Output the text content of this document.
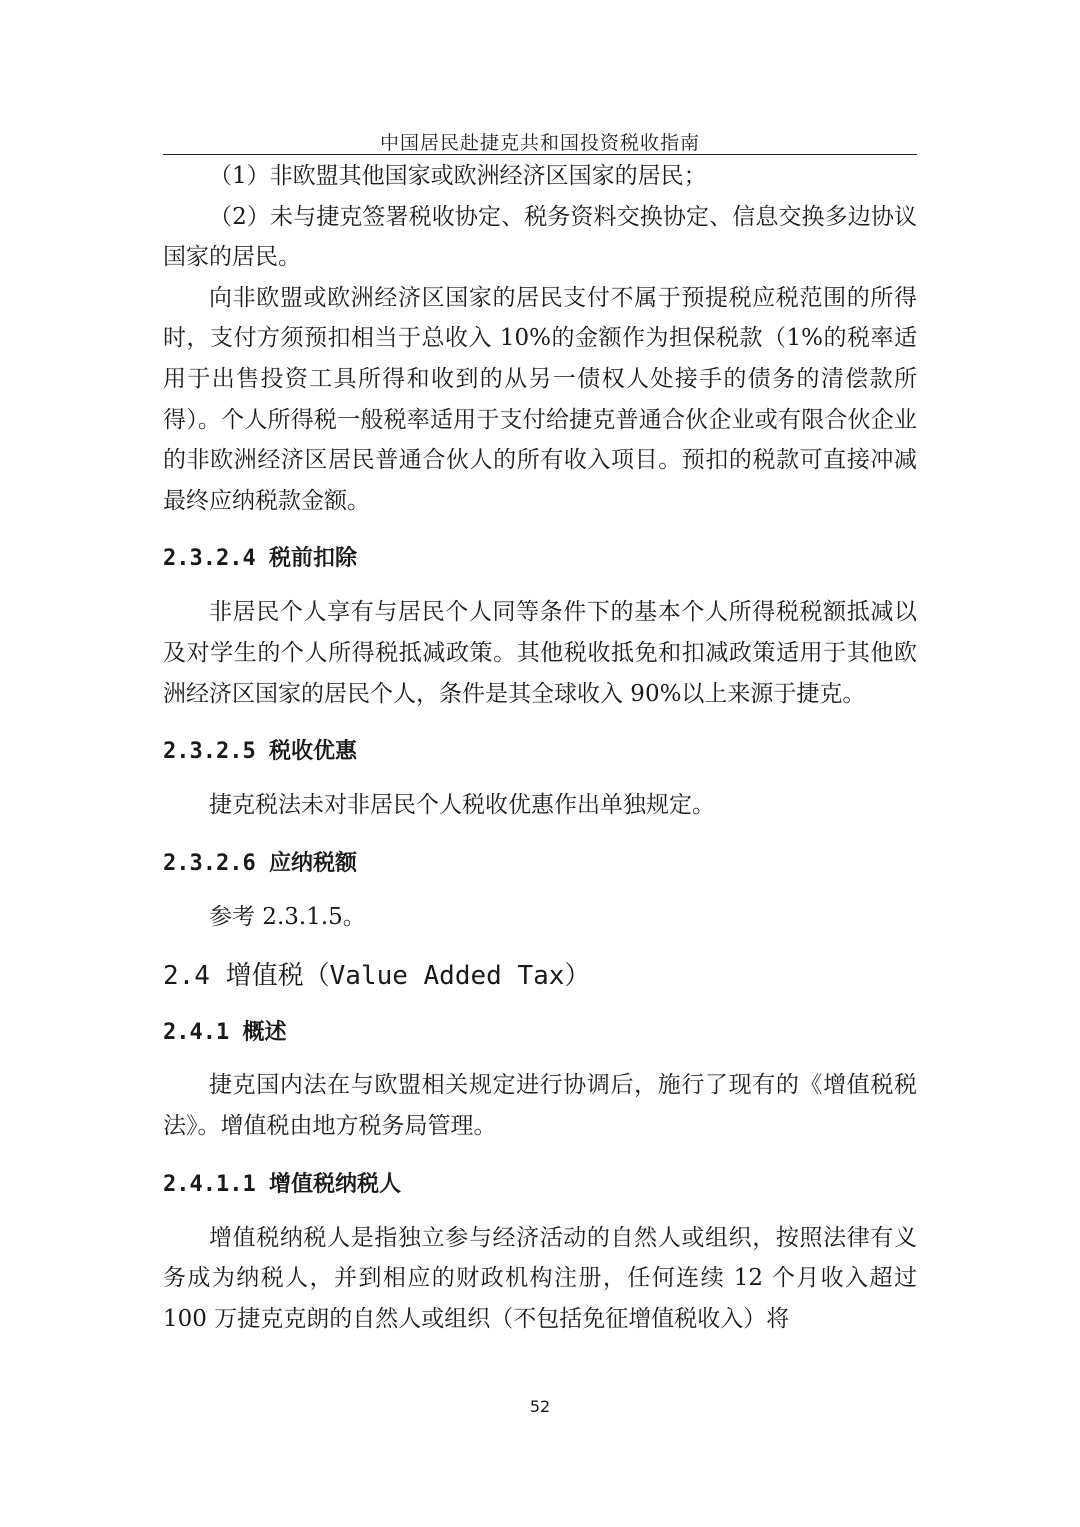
中国居民赴捷克共和国投资税收指南

（1）非欧盟其他国家或欧洲经济区国家的居民；

（2）未与捷克签署税收协定、税务资料交换协定、信息交换多边协议国家的居民。

向非欧盟或欧洲经济区国家的居民支付不属于预提税应税范围的所得时，支付方须预扣相当于总收入 10%的金额作为担保税款（1%的税率适用于出售投资工具所得和收到的从另一债权人处接手的债务的清偿款所得）。个人所得税一般税率适用于支付给捷克普通合伙企业或有限合伙企业的非欧洲经济区居民普通合伙人的所有收入项目。预扣的税款可直接冲减最终应纳税款金额。

2.3.2.4 税前扣除

非居民个人享有与居民个人同等条件下的基本个人所得税税额抵减以及对学生的个人所得税抵减政策。其他税收抵免和扣减政策适用于其他欧洲经济区国家的居民个人，条件是其全球收入 90%以上来源于捷克。

2.3.2.5 税收优惠

捷克税法未对非居民个人税收优惠作出单独规定。

2.3.2.6 应纳税额

参考 2.3.1.5。

2.4 增值税（Value Added Tax）
2.4.1 概述

捷克国内法在与欧盟相关规定进行协调后，施行了现有的《增值税税法》。增值税由地方税务局管理。

2.4.1.1 增值税纳税人

增值税纳税人是指独立参与经济活动的自然人或组织，按照法律有义务成为纳税人，并到相应的财政机构注册，任何连续 12 个月收入超过 100 万捷克克朗的自然人或组织（不包括免征增值税收入）将

52
